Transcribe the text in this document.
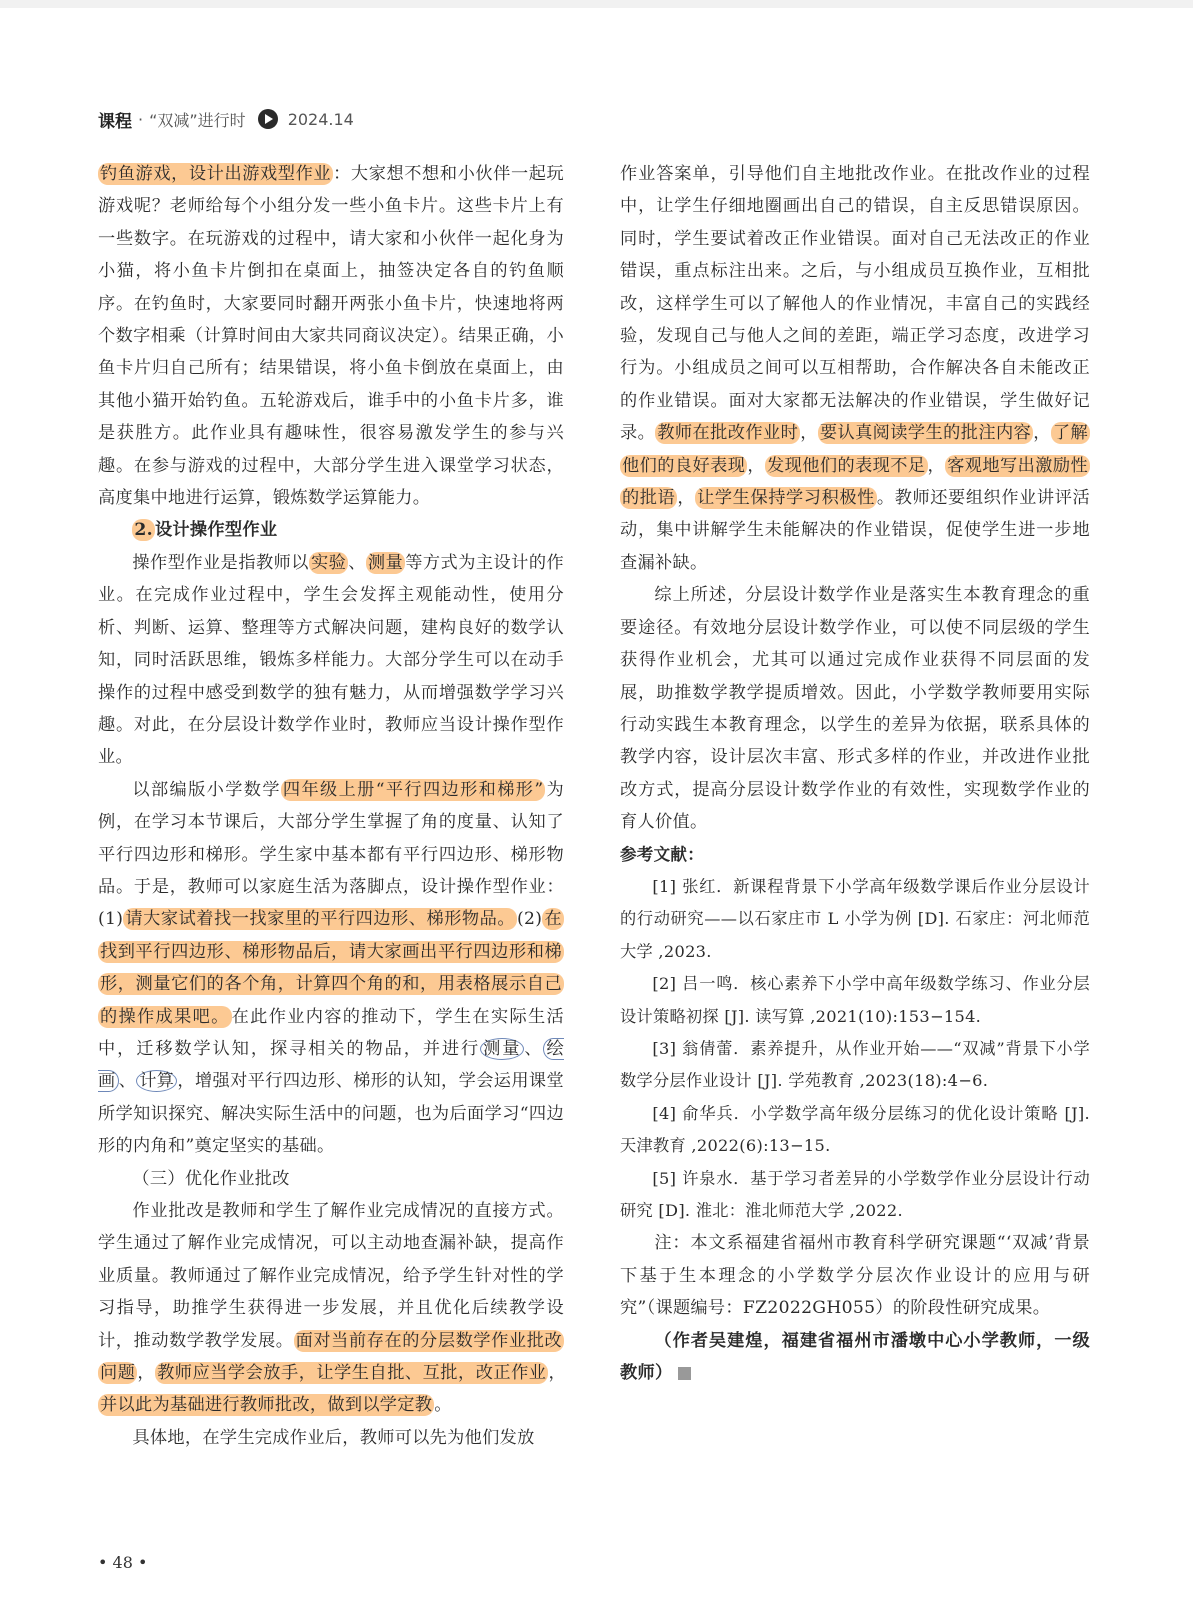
课程 · “双减”进行时	2024.14

钓鱼游戏，设计出游戏型作业 ：大家想不想和小伙伴一起玩游戏呢？老师给每个小组分发一些小鱼卡片。这些卡片上有一些数字。在玩游戏的过程中，请大家和小伙伴一起化身为小猫，将小鱼卡片倒扣在桌面上，抽签决定各自的钓鱼顺序。在钓鱼时，大家要同时翻开两张小鱼卡片，快速地将两个数字相乘（计算时间由大家共同商议决定）。结果正确，小鱼卡片归自己所有；结果错误，将小鱼卡倒放在桌面上，由其他小猫开始钓鱼。五轮游戏后，谁手中的小鱼卡片多，谁是获胜方。此作业具有趣味性，很容易激发学生的参与兴趣。在参与游戏的过程中，大部分学生进入课堂学习状态，高度集中地进行运算，锻炼数学运算能力。

2. 设计操作型作业

操作型作业是指教师以 实验 、 测量 等方式为主设计的作业。在完成作业过程中，学生会发挥主观能动性，使用分析、判断、运算、整理等方式解决问题，建构良好的数学认知，同时活跃思维，锻炼多样能力。大部分学生可以在动手操作的过程中感受到数学的独有魅力，从而增强数学学习兴趣。对此，在分层设计数学作业时，教师应当设计操作型作业。

以部编版小学数学 四年级上册“平行四边形和梯形” 为例，在学习本节课后，大部分学生掌握了角的度量、认知了平行四边形和梯形。学生家中基本都有平行四边形、梯形物品。于是，教师可以家庭生活为落脚点，设计操作型作业：(1) 请大家试着找一找家里的平行四边形、梯形物品。 (2) 在找到平行四边形、梯形物品后，请大家画出平行四边形和梯形，测量它们的各个角，计算四个角的和，用表格展示自己的操作成果吧。 在此作业内容的推动下，学生在实际生活中，迁移数学认知，探寻相关的物品，并进行 测量 、 绘画 、 计算 ，增强对平行四边形、梯形的认知，学会运用课堂所学知识探究、解决实际生活中的问题，也为后面学习“四边形的内角和”奠定坚实的基础。

（三）优化作业批改

作业批改是教师和学生了解作业完成情况的直接方式。学生通过了解作业完成情况，可以主动地查漏补缺，提高作业质量。教师通过了解作业完成情况，给予学生针对性的学习指导，助推学生获得进一步发展，并且优化后续教学设计，推动数学教学发展。 面对当前存在的分层数学作业批改问题 ， 教师应当学会放手，让学生自批、互批，改正作业 ，并以此为基础进行教师批改，做到以学定教 。

具体地，在学生完成作业后，教师可以先为他们发放

作业答案单，引导他们自主地批改作业。在批改作业的过程中，让学生仔细地圈画出自己的错误，自主反思错误原因。同时，学生要试着改正作业错误。面对自己无法改正的作业错误，重点标注出来。之后，与小组成员互换作业，互相批改，这样学生可以了解他人的作业情况，丰富自己的实践经验，发现自己与他人之间的差距，端正学习态度，改进学习行为。小组成员之间可以互相帮助，合作解决各自未能改正的作业错误。面对大家都无法解决的作业错误，学生做好记录。 教师在批改作业时 ， 要认真阅读学生的批注内容 ， 了解他们的良好表现 ， 发现他们的表现不足 ， 客观地写出激励性的批语 ， 让学生保持学习积极性 。教师还要组织作业讲评活动，集中讲解学生未能解决的作业错误，促使学生进一步地查漏补缺。

综上所述，分层设计数学作业是落实生本教育理念的重要途径。有效地分层设计数学作业，可以使不同层级的学生获得作业机会，尤其可以通过完成作业获得不同层面的发展，助推数学教学提质增效。因此，小学数学教师要用实际行动实践生本教育理念，以学生的差异为依据，联系具体的教学内容，设计层次丰富、形式多样的作业，并改进作业批改方式，提高分层设计数学作业的有效性，实现数学作业的育人价值。

参考文献：

[1] 张红．新课程背景下小学高年级数学课后作业分层设计的行动研究——以石家庄市 L 小学为例 [D]. 石家庄：河北师范大学 ,2023.

[2] 吕一鸣．核心素养下小学中高年级数学练习、作业分层设计策略初探 [J]. 读写算 ,2021(10):153−154.

[3] 翁倩蕾．素养提升，从作业开始——“双减”背景下小学数学分层作业设计 [J]. 学苑教育 ,2023(18):4−6.

[4] 俞华兵．小学数学高年级分层练习的优化设计策略 [J]. 天津教育 ,2022(6):13−15.

[5] 许泉水．基于学习者差异的小学数学作业分层设计行动研究 [D]. 淮北：淮北师范大学 ,2022.

注：本文系福建省福州市教育科学研究课题“‘双减’背景下基于生本理念的小学数学分层次作业设计的应用与研究”（课题编号：FZ2022GH055）的阶段性研究成果。

（作者吴建煌，福建省福州市潘墩中心小学教师，一级教师）

• 48 •
